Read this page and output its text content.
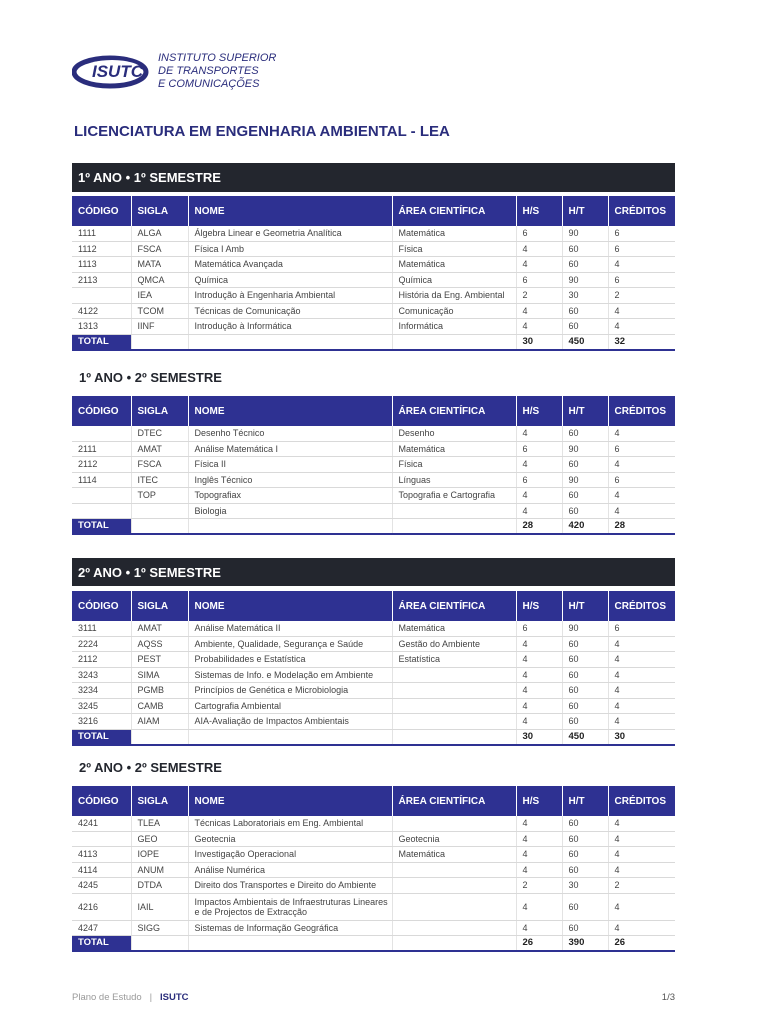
ISUTC
INSTITUTO SUPERIOR
DE TRANSPORTES
E COMUNICAÇÕES
LICENCIATURA EM ENGENHARIA AMBIENTAL - LEA
1º ANO • 1º SEMESTRE
CÓDIGO	SIGLA	NOME	ÁREA CIENTÍFICA	H/S	H/T	CRÉDITOS
1111	ALGA	Álgebra Linear e Geometria Analítica	Matemática	6	90	6
1112	FSCA	Física I Amb	Física	4	60	6
1113	MATA	Matemática Avançada	Matemática	4	60	4
2113	QMCA	Química	Química	6	90	6
	IEA	Introdução à Engenharia Ambiental	História da Eng. Ambiental	2	30	2
4122	TCOM	Técnicas de Comunicação	Comunicação	4	60	4
1313	IINF	Introdução à Informática	Informática	4	60	4
TOTAL				30	450	32
1º ANO • 2º SEMESTRE
CÓDIGO	SIGLA	NOME	ÁREA CIENTÍFICA	H/S	H/T	CRÉDITOS
	DTEC	Desenho Técnico	Desenho	4	60	4
2111	AMAT	Análise Matemática I	Matemática	6	90	6
2112	FSCA	Física II	Física	4	60	4
1114	ITEC	Inglês Técnico	Línguas	6	90	6
	TOP	Topografiax	Topografia e Cartografia	4	60	4
		Biologia		4	60	4
TOTAL				28	420	28
2º ANO • 1º SEMESTRE
CÓDIGO	SIGLA	NOME	ÁREA CIENTÍFICA	H/S	H/T	CRÉDITOS
3111	AMAT	Análise Matemática II	Matemática	6	90	6
2224	AQSS	Ambiente, Qualidade, Segurança e Saúde	Gestão do Ambiente	4	60	4
2112	PEST	Probabilidades e Estatística	Estatística	4	60	4
3243	SIMA	Sistemas de Info. e Modelação em Ambiente		4	60	4
3234	PGMB	Princípios de Genética e Microbiologia		4	60	4
3245	CAMB	Cartografia Ambiental		4	60	4
3216	AIAM	AIA-Avaliação de Impactos Ambientais		4	60	4
TOTAL				30	450	30
2º ANO • 2º SEMESTRE
CÓDIGO	SIGLA	NOME	ÁREA CIENTÍFICA	H/S	H/T	CRÉDITOS
4241	TLEA	Técnicas Laboratoriais em Eng. Ambiental		4	60	4
	GEO	Geotecnia	Geotecnia	4	60	4
4113	IOPE	Investigação Operacional	Matemática	4	60	4
4114	ANUM	Análise Numérica		4	60	4
4245	DTDA	Direito dos Transportes e Direito do Ambiente		2	30	2
4216	IAIL	Impactos Ambientais de Infraestruturas Lineares e de Projectos de Extracção		4	60	4
4247	SIGG	Sistemas de Informação Geográfica		4	60	4
TOTAL				26	390	26
Plano de Estudo | ISUTC	1/3
